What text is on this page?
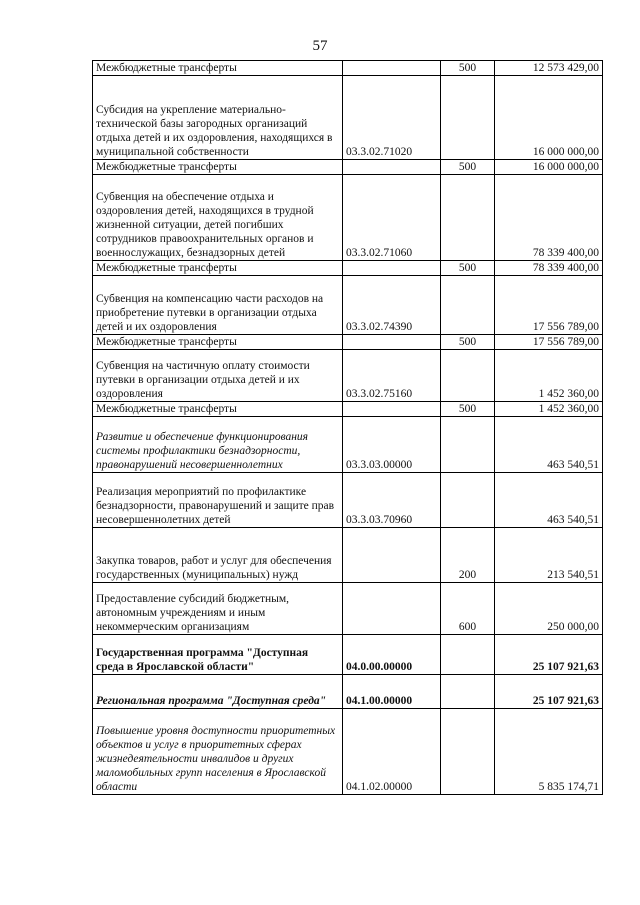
57
Межбюджетные трансферты		500	12 573 429,00
Субсидия на укрепление материально-технической базы загородных организаций отдыха детей и их оздоровления, находящихся в муниципальной собственности	03.3.02.71020		16 000 000,00
Межбюджетные трансферты		500	16 000 000,00
Субвенция на обеспечение отдыха и оздоровления детей, находящихся в трудной жизненной ситуации, детей погибших сотрудников правоохранительных органов и военнослужащих, безнадзорных детей	03.3.02.71060		78 339 400,00
Межбюджетные трансферты		500	78 339 400,00
Субвенция на компенсацию части расходов на приобретение путевки в организации отдыха детей и их оздоровления	03.3.02.74390		17 556 789,00
Межбюджетные трансферты		500	17 556 789,00
Субвенция на частичную оплату стоимости путевки в организации отдыха детей и их оздоровления	03.3.02.75160		1 452 360,00
Межбюджетные трансферты		500	1 452 360,00
Развитие и обеспечение функционирования системы профилактики безнадзорности, правонарушений несовершеннолетних	03.3.03.00000		463 540,51
Реализация мероприятий по профилактике безнадзорности, правонарушений и защите прав несовершеннолетних детей	03.3.03.70960		463 540,51
Закупка товаров, работ и услуг для обеспечения государственных (муниципальных) нужд		200	213 540,51
Предоставление субсидий бюджетным, автономным учреждениям и иным некоммерческим организациям		600	250 000,00
Государственная программа "Доступная среда в Ярославской области"	04.0.00.00000		25 107 921,63
Региональная программа "Доступная среда"	04.1.00.00000		25 107 921,63
Повышение уровня доступности приоритетных объектов и услуг в приоритетных сферах жизнедеятельности инвалидов и других маломобильных групп населения в Ярославской области	04.1.02.00000		5 835 174,71
